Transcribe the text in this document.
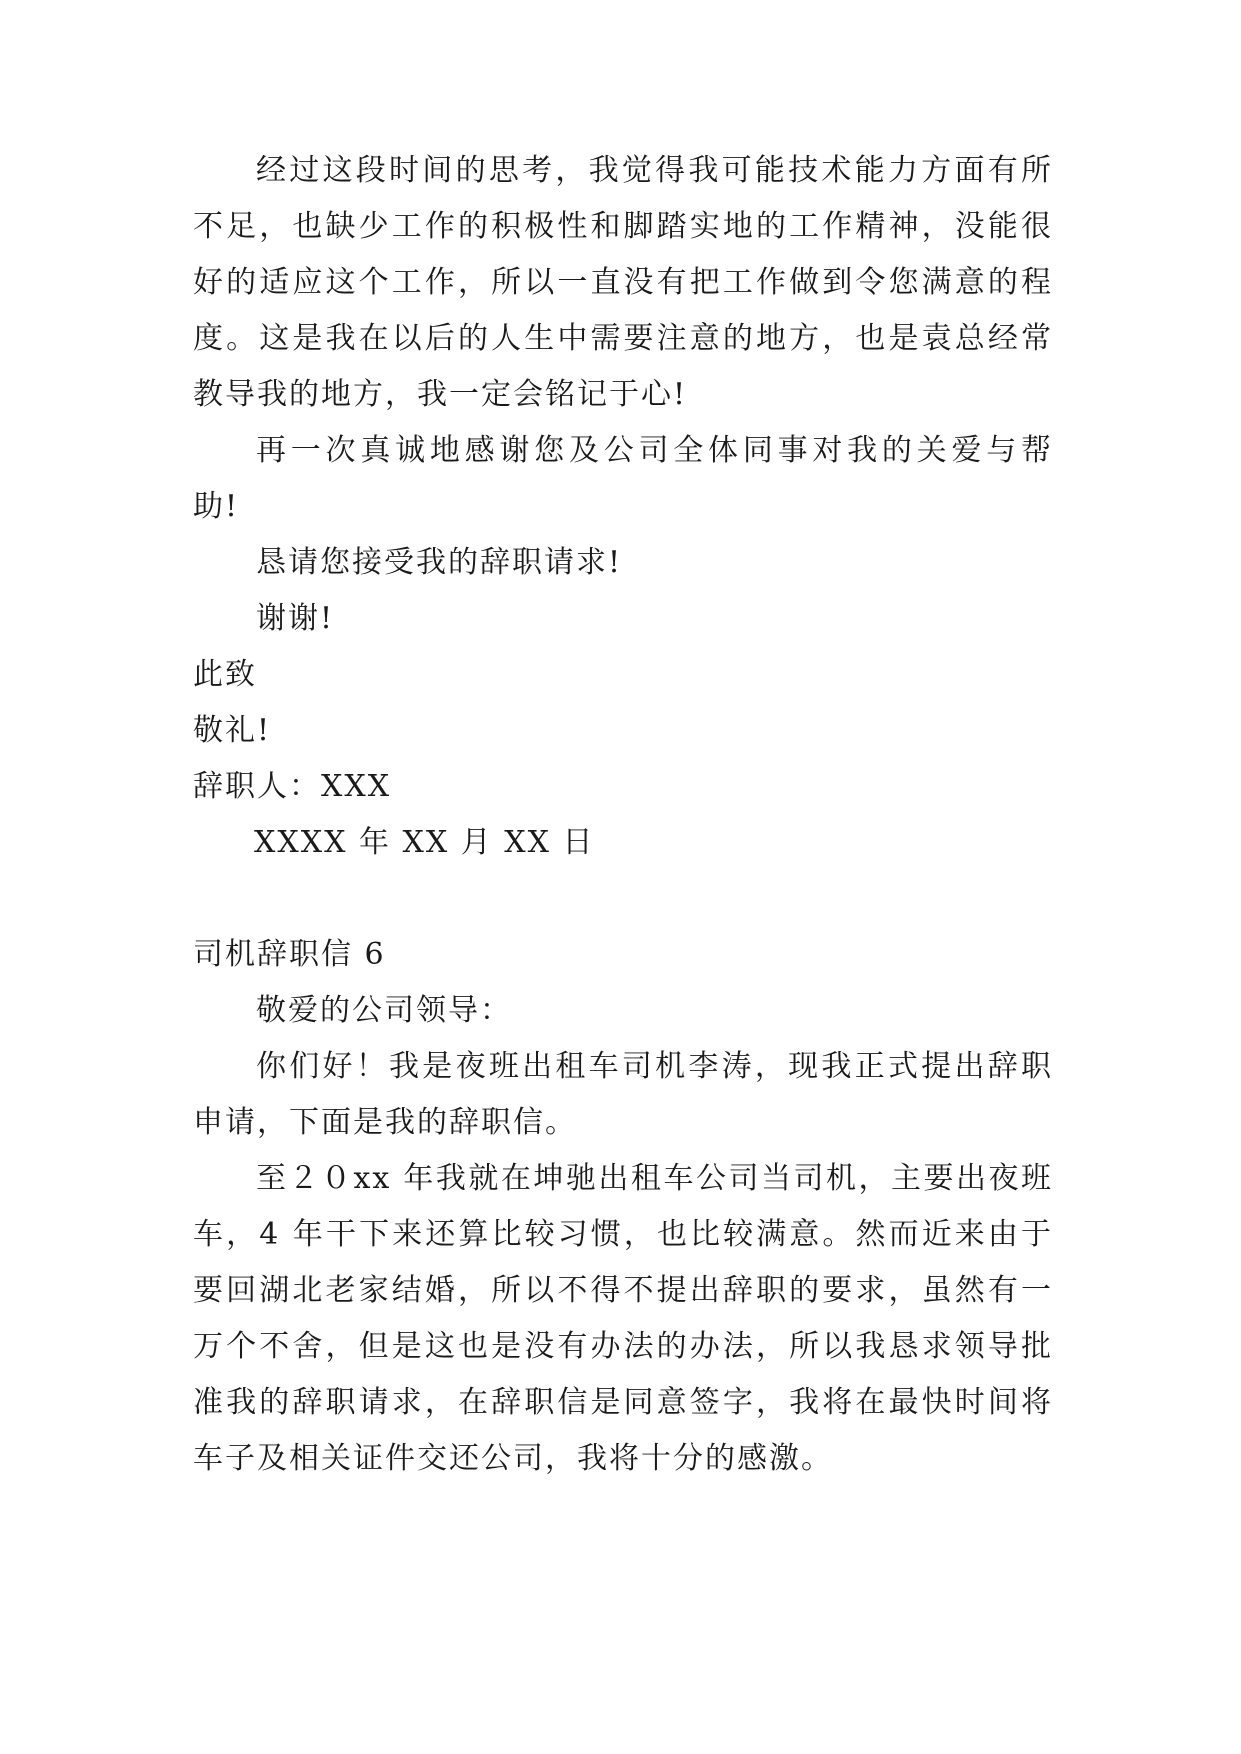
经过这段时间的思考，我觉得我可能技术能力方面有所
不足，也缺少工作的积极性和脚踏实地的工作精神，没能很
好的适应这个工作，所以一直没有把工作做到令您满意的程
度。这是我在以后的人生中需要注意的地方，也是袁总经常
教导我的地方，我一定会铭记于心!
再一次真诚地感谢您及公司全体同事对我的关爱与帮
助!
恳请您接受我的辞职请求!
谢谢!
此致
敬礼!
辞职人：XXX
XXXX 年 XX 月 XX 日
司机辞职信 6
敬爱的公司领导：
你们好！我是夜班出租车司机李涛，现我正式提出辞职
申请，下面是我的辞职信。
至２０xx 年我就在坤驰出租车公司当司机，主要出夜班
车，4 年干下来还算比较习惯，也比较满意。然而近来由于
要回湖北老家结婚，所以不得不提出辞职的要求，虽然有一
万个不舍，但是这也是没有办法的办法，所以我恳求领导批
准我的辞职请求，在辞职信是同意签字，我将在最快时间将
车子及相关证件交还公司，我将十分的感激。
